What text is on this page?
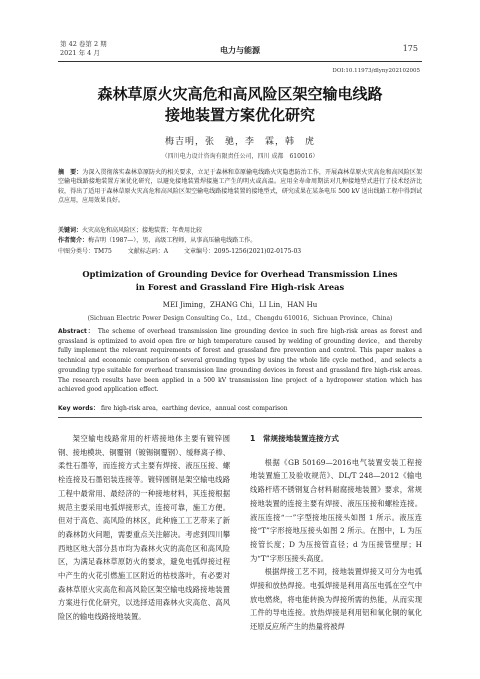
第 42 卷第 2 期
2021 年 4 月	电力与能源	175
DOI:10.11973/dlyny202102005
森林草原火灾高危和高风险区架空输电线路
接地装置方案优化研究
梅吉明，张　驰，李　霖，韩　虎
（四川电力设计咨询有限责任公司，四川 成都　610016）
摘　要：为深入贯彻落实森林草原防火的相关要求，立足于森林和草原输电线路火灾隐患防治工作，开展森林草原火灾高危和高风险区架空输电线路接地装置方案优化研究，以避免接地装置焊接施工产生的明火或高温。应用全寿命周期法对几种接地型式进行了技术经济比较，得出了适用于森林草原火灾高危和高风险区架空输电线路接地装置的接地型式，研究成果在某条电压 500 kV 送出线路工程中得到试点应用，应用效果良好。
关键词：火灾高危和高风险区；接地装置；年费用比较
作者简介：梅吉明（1987—），男，高级工程师，从事高压输电线路工作。
中图分类号：TM75	文献标志码：A	文章编号：2095-1256(2021)02-0175-03
Optimization of Grounding Device for Overhead Transmission Lines
in Forest and Grassland Fire High-risk Areas
MEI Jiming，ZHANG Chi，LI Lin，HAN Hu
(Sichuan Electric Power Design Consulting Co.，Ltd.，Chengdu 610016，Sichuan Province，China)
Abstract： The scheme of overhead transmission line grounding device in such fire high-risk areas as forest and grassland is optimized to avoid open fire or high temperature caused by welding of grounding device，and thereby fully implement the relevant requirements of forest and grassland fire prevention and control. This paper makes a technical and economic comparison of several grounding types by using the whole life cycle method，and selects a grounding type suitable for overhead transmission line grounding devices in forest and grassland fire high-risk areas. The research results have been applied in a 500 kV transmission line project of a hydropower station which has achieved good application effect.
Key words： fire high-risk area，earthing device，annual cost comparison

架空输电线路常用的杆塔接地体主要有镀锌圆钢、接地模块、铜覆钢（镀锡铜覆钢）、缓释离子棒、柔性石墨等，而连接方式主要有焊接、液压压接、螺栓连接及石墨铝装连接等。镀锌圆钢是架空输电线路工程中最常用、最经济的一种接地材料，其连接根据规范主要采用电弧焊接形式，连接可靠，施工方便。但对于高危、高风险的林区，此种施工工艺带来了新的森林防火问题，需要重点关注解决。考虑到四川攀西地区地大部分县市均为森林火灾的高危区和高风险区，为满足森林草原防火的要求，避免电弧焊接过程中产生的火花引燃施工区附近的枯枝落叶，有必要对森林草原火灾高危和高风险区架空输电线路接地装置方案进行优化研究，以选择适用森林火灾高危、高风险区的输电线路接地装置。

1　常规接地装置连接方式

根据《GB 50169—2016电气装置安装工程接地装置施工及验收规范》、DL/T 248—2012《输电线路杆塔不锈钢复合材料耐腐接地装置》要求，常规接地装置的连接主要有焊接、液压压接和螺栓连接。液压连接“一”字型接地压接头如图 1 所示。液压连接“T”字形接地压接头如图 2 所示。在图中，L 为压接管长度；D 为压接管直径；d 为压接管壁厚；H 为“T”字形压接头高度。

根据焊接工艺不同，接地装置焊接又可分为电弧焊接和放热焊接。电弧焊接是利用高压电弧在空气中放电燃烧，将电能转换为焊接所需的热能，从而实现工件的导电连接。放热焊接是利用铝和氧化铜的氧化还原反应所产生的热量将被焊
